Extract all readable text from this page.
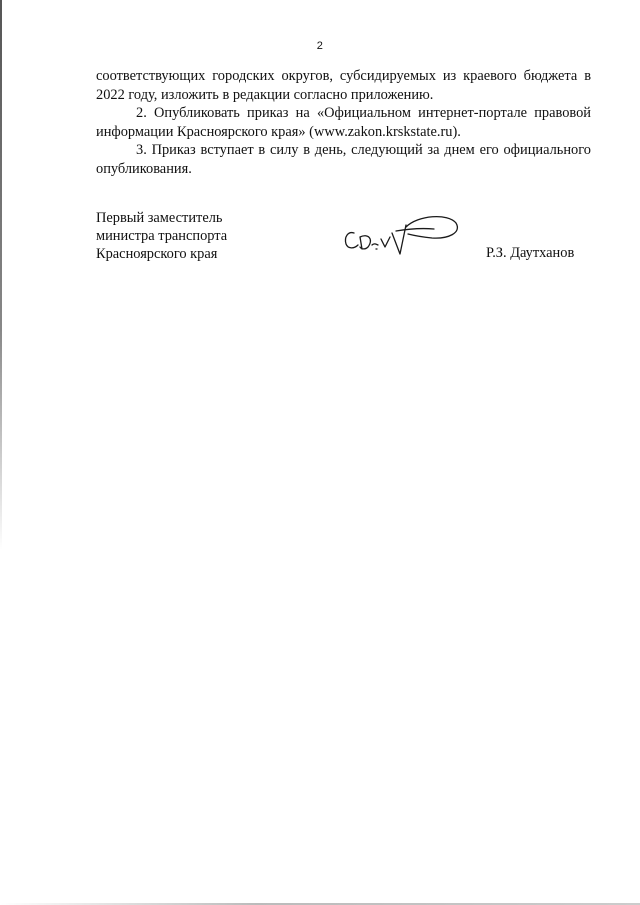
2

соответствующих городских округов, субсидируемых из краевого бюджета в 2022 году, изложить в редакции согласно приложению.

2. Опубликовать приказ на «Официальном интернет-портале правовой информации Красноярского края» (www.zakon.krskstate.ru).

3. Приказ вступает в силу в день, следующий за днем его официального опубликования.

Первый заместитель
министра транспорта
Красноярского края	Р.З. Даутханов
